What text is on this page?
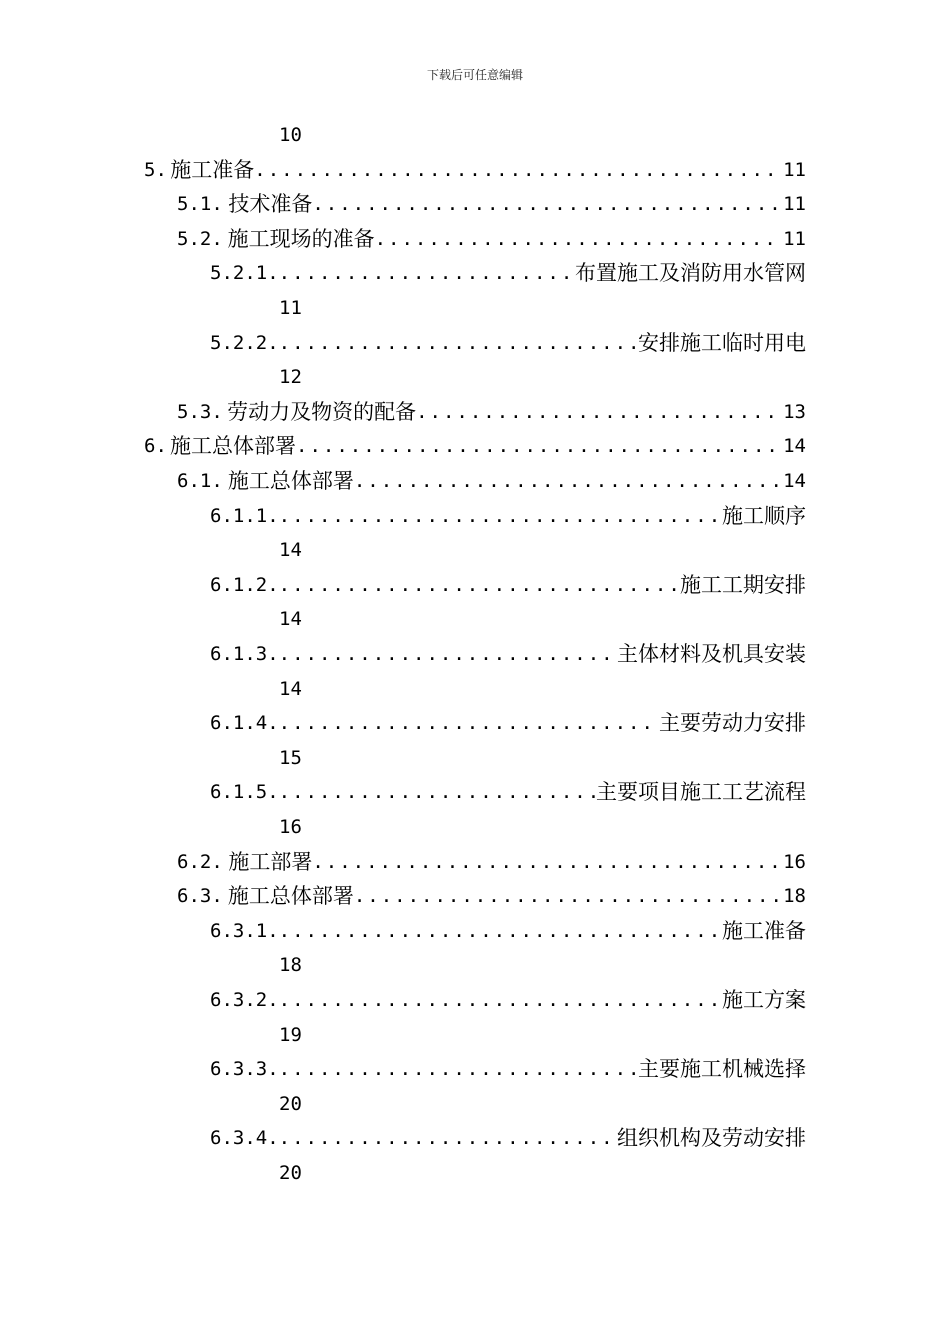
下载后可任意编辑
10
5. 施工准备 .....	11
5.1. 技术准备 .....	11
5.2. 施工现场的准备 .....	11
5.2.1. .....	布置施工及消防用水管网
11
5.2.2. .....	安排施工临时用电
12
5.3. 劳动力及物资的配备 .....	13
6. 施工总体部署 .....	14
6.1. 施工总体部署 .....	14
6.1.1. .....	施工顺序
14
6.1.2. .....	施工工期安排
14
6.1.3. .....	主体材料及机具安装
14
6.1.4. .....	主要劳动力安排
15
6.1.5. .....	主要项目施工工艺流程
16
6.2. 施工部署 .....	16
6.3. 施工总体部署 .....	18
6.3.1. .....	施工准备
18
6.3.2. .....	施工方案
19
6.3.3. .....	主要施工机械选择
20
6.3.4. .....	组织机构及劳动安排
20
